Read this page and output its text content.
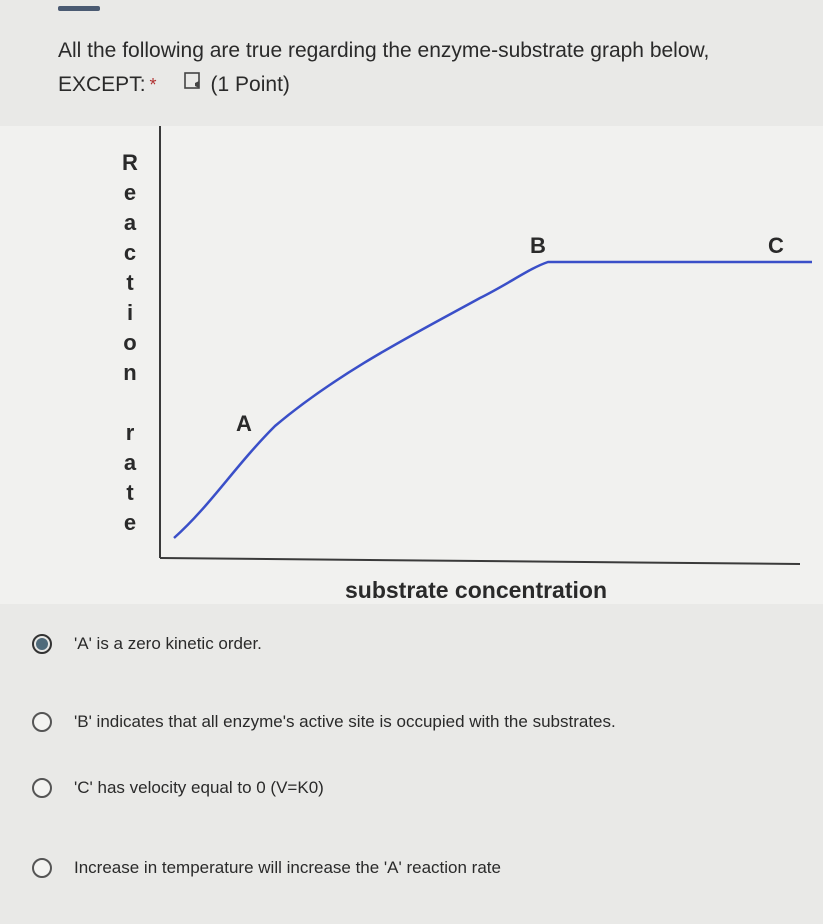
All the following are true regarding the enzyme-substrate graph below, EXCEPT: *	(1 Point)
A
B	C
substrate concentration
R
e
a
c
t
i
o
n
r
a
t
e
'A' is a zero kinetic order.
'B' indicates that all enzyme's active site is occupied with the substrates.
'C' has velocity equal to 0 (V=K0)
Increase in temperature will increase the 'A' reaction rate
